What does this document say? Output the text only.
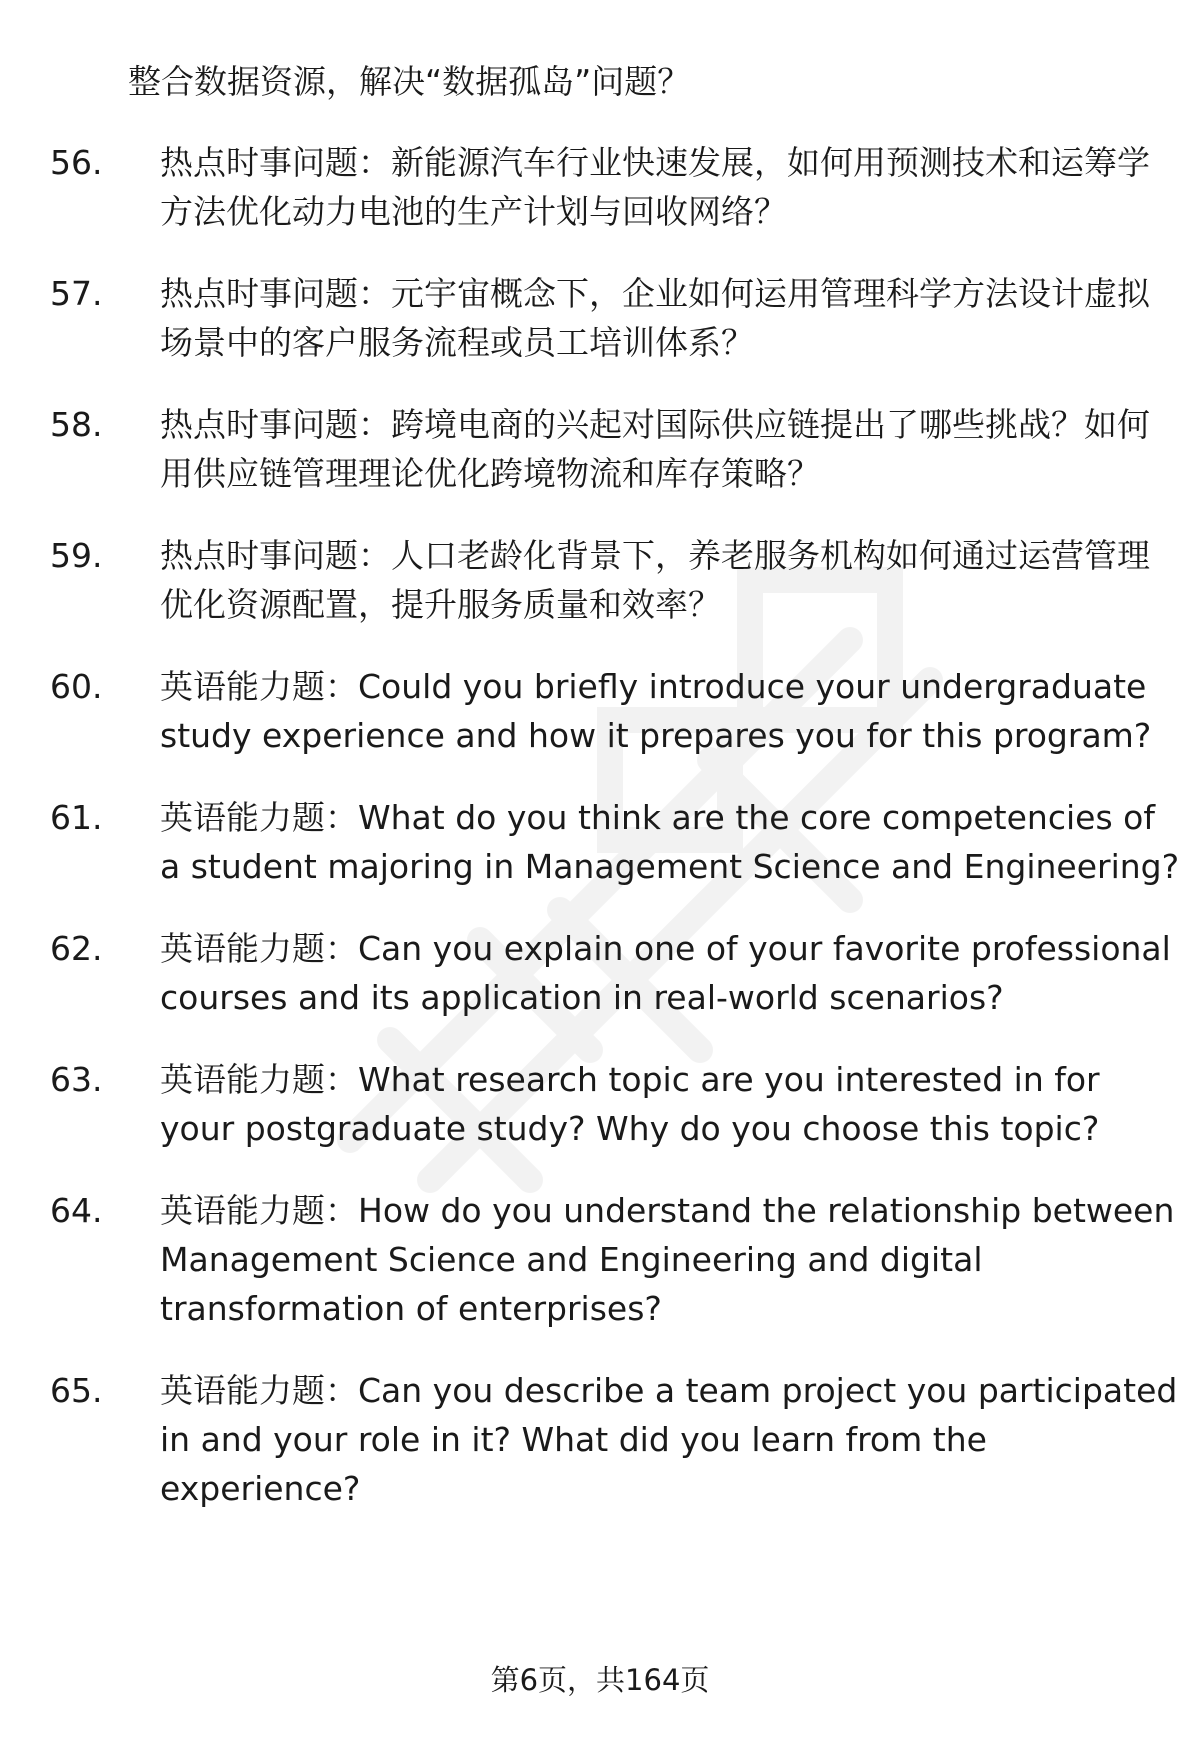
整合数据资源，解决“数据孤岛”问题？
56.	热点时事问题：新能源汽车行业快速发展，如何用预测技术和运筹学方法优化动力电池的生产计划与回收网络？
57.	热点时事问题：元宇宙概念下，企业如何运用管理科学方法设计虚拟场景中的客户服务流程或员工培训体系？
58.	热点时事问题：跨境电商的兴起对国际供应链提出了哪些挑战？如何用供应链管理理论优化跨境物流和库存策略？
59.	热点时事问题：人口老龄化背景下，养老服务机构如何通过运营管理优化资源配置，提升服务质量和效率？
60.	英语能力题：Could you briefly introduce your undergraduate study experience and how it prepares you for this program?
61.	英语能力题：What do you think are the core competencies of a student majoring in Management Science and Engineering?
62.	英语能力题：Can you explain one of your favorite professional courses and its application in real-world scenarios?
63.	英语能力题：What research topic are you interested in for your postgraduate study? Why do you choose this topic?
64.	英语能力题：How do you understand the relationship between Management Science and Engineering and digital transformation of enterprises?
65.	英语能力题：Can you describe a team project you participated in and your role in it? What did you learn from the experience?
第6页，共164页
